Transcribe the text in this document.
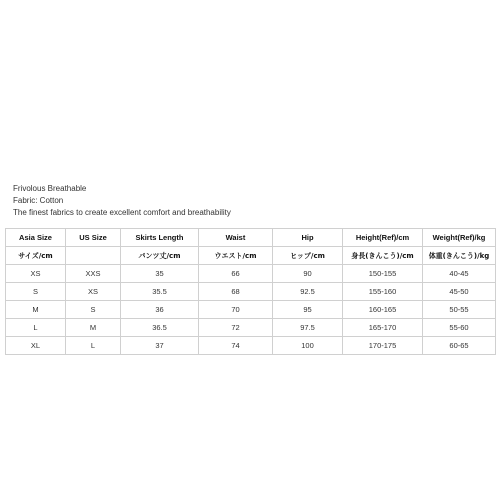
Frivolous Breathable
Fabric: Cotton
The finest fabrics to create excellent comfort and breathability
Asia Size	US Size	Skirts Length	Waist	Hip	Height(Ref)/cm	Weight(Ref)/kg
サイズ/cm		パンツ丈/cm	ウエスト/cm	ヒップ/cm	身長(きんこう)/cm	体重(きんこう)/kg
XS	XXS	35	66	90	150-155	40-45
S	XS	35.5	68	92.5	155-160	45-50
M	S	36	70	95	160-165	50-55
L	M	36.5	72	97.5	165-170	55-60
XL	L	37	74	100	170-175	60-65
